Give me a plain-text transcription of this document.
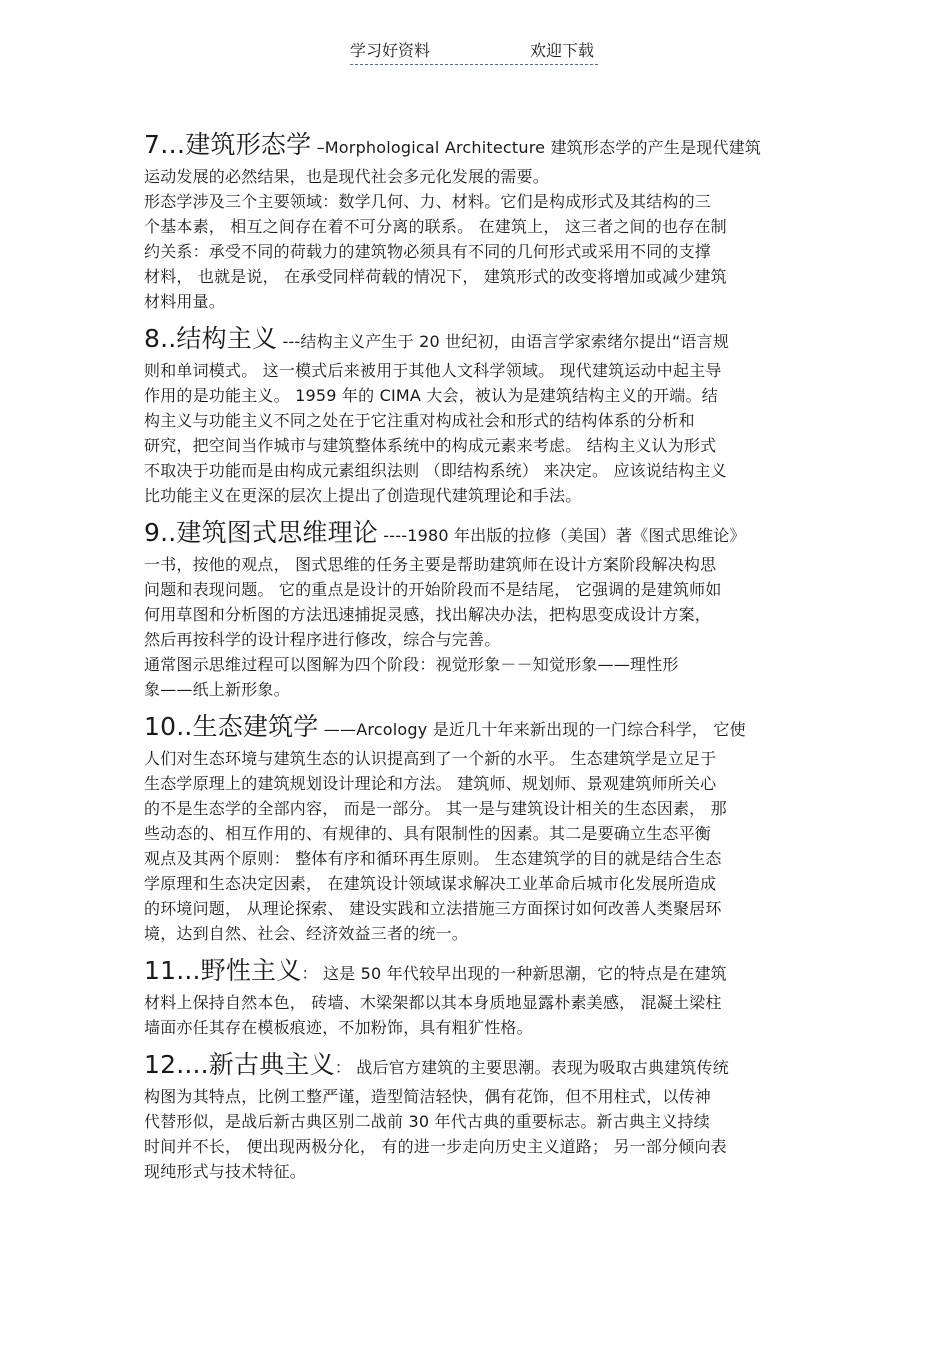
学习好资料	欢迎下载

7…建筑形态学 –Morphological Architecture 建筑形态学的产生是现代建筑
运动发展的必然结果，也是现代社会多元化发展的需要。
形态学涉及三个主要领域：数学几何、力、材料。它们是构成形式及其结构的三
个基本素， 相互之间存在着不可分离的联系。 在建筑上， 这三者之间的也存在制
约关系：承受不同的荷载力的建筑物必须具有不同的几何形式或采用不同的支撑
材料， 也就是说， 在承受同样荷载的情况下， 建筑形式的改变将增加或减少建筑
材料用量。

8..结构主义 ---结构主义产生于 20 世纪初，由语言学家索绪尔提出“语言规
则和单词模式。 这一模式后来被用于其他人文科学领域。 现代建筑运动中起主导
作用的是功能主义。 1959 年的 CIMA 大会，被认为是建筑结构主义的开端。结
构主义与功能主义不同之处在于它注重对构成社会和形式的结构体系的分析和
研究，把空间当作城市与建筑整体系统中的构成元素来考虑。 结构主义认为形式
不取决于功能而是由构成元素组织法则 （即结构系统） 来决定。 应该说结构主义
比功能主义在更深的层次上提出了创造现代建筑理论和手法。

9..建筑图式思维理论 ----1980 年出版的拉修（美国）著《图式思维论》
一书，按他的观点， 图式思维的任务主要是帮助建筑师在设计方案阶段解决构思
问题和表现问题。 它的重点是设计的开始阶段而不是结尾， 它强调的是建筑师如
何用草图和分析图的方法迅速捕捉灵感，找出解决办法，把构思变成设计方案，
然后再按科学的设计程序进行修改，综合与完善。
通常图示思维过程可以图解为四个阶段：视觉形象－－知觉形象——理性形
象——纸上新形象。

10..生态建筑学 ——Arcology 是近几十年来新出现的一门综合科学， 它使
人们对生态环境与建筑生态的认识提高到了一个新的水平。 生态建筑学是立足于
生态学原理上的建筑规划设计理论和方法。 建筑师、规划师、景观建筑师所关心
的不是生态学的全部内容， 而是一部分。 其一是与建筑设计相关的生态因素， 那
些动态的、相互作用的、有规律的、具有限制性的因素。其二是要确立生态平衡
观点及其两个原则： 整体有序和循环再生原则。 生态建筑学的目的就是结合生态
学原理和生态决定因素， 在建筑设计领域谋求解决工业革命后城市化发展所造成
的环境问题， 从理论探索、 建设实践和立法措施三方面探讨如何改善人类聚居环
境，达到自然、社会、经济效益三者的统一。

11...野性主义： 这是 50 年代较早出现的一种新思潮，它的特点是在建筑
材料上保持自然本色， 砖墙、木梁架都以其本身质地显露朴素美感， 混凝土梁柱
墙面亦任其存在模板痕迹，不加粉饰，具有粗犷性格。

12....新古典主义： 战后官方建筑的主要思潮。表现为吸取古典建筑传统
构图为其特点，比例工整严谨，造型简洁轻快，偶有花饰，但不用柱式，以传神
代替形似，是战后新古典区别二战前 30 年代古典的重要标志。新古典主义持续
时间并不长， 便出现两极分化， 有的进一步走向历史主义道路； 另一部分倾向表
现纯形式与技术特征。
